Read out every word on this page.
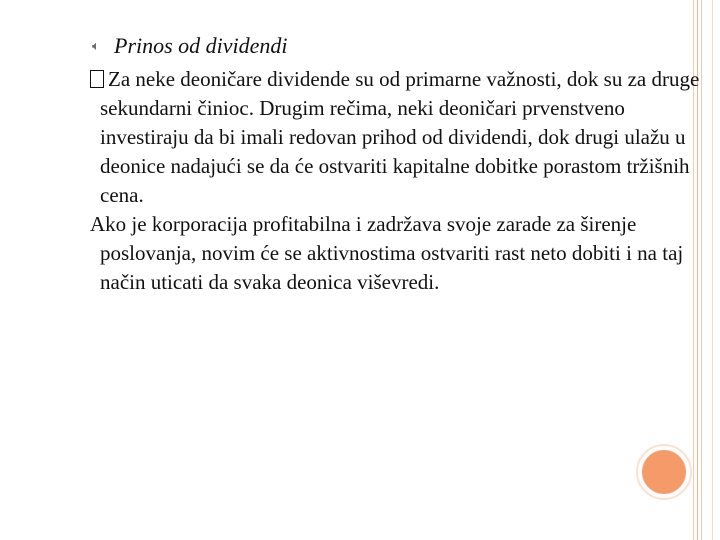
🔈︎ Prinos od dividendi

Za neke deoničare dividende su od primarne važnosti, dok su za druge sekundarni činioc. Drugim rečima, neki deoničari prvenstveno investiraju da bi imali redovan prihod od dividendi, dok drugi ulažu u deonice nadajući se da će ostvariti kapitalne dobitke porastom tržišnih cena.

Ako je korporacija profitabilna i zadržava svoje zarade za širenje poslovanja, novim će se aktivnostima ostvariti rast neto dobiti i na taj način uticati da svaka deonica viševredi.
